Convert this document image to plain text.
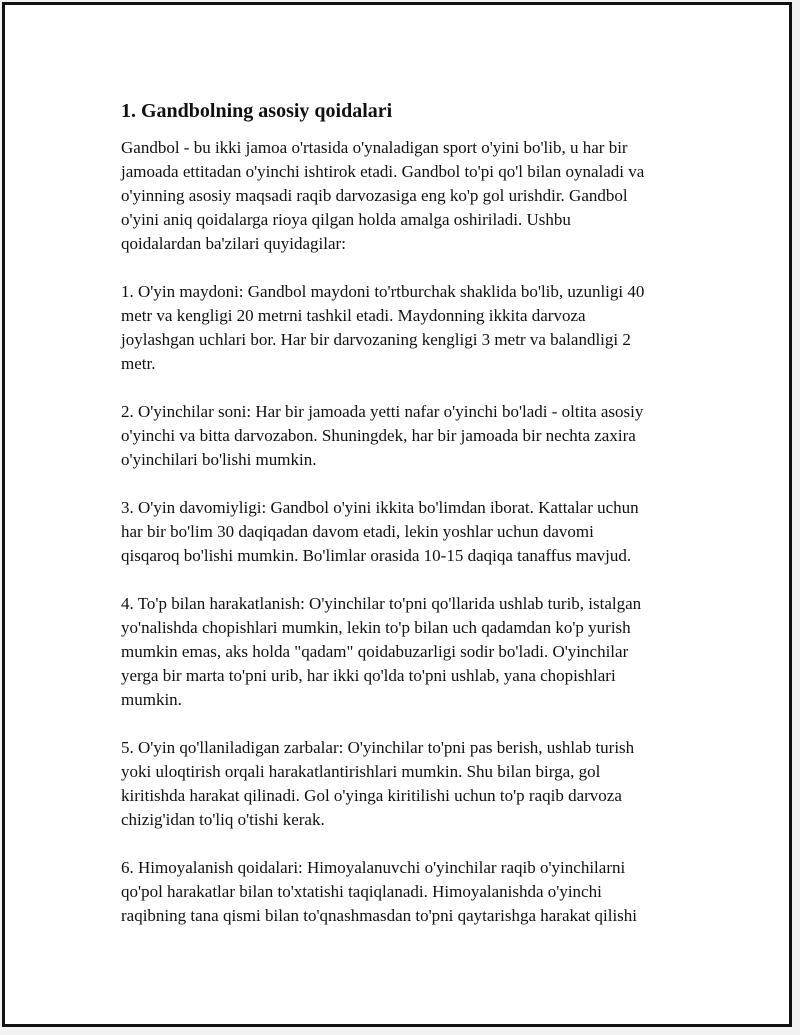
1. Gandbolning asosiy qoidalari

Gandbol - bu ikki jamoa o'rtasida o'ynaladigan sport o'yini bo'lib, u har bir
jamoada ettitadan o'yinchi ishtirok etadi. Gandbol to'pi qo'l bilan oynaladi va
o'yinning asosiy maqsadi raqib darvozasiga eng ko'p gol urishdir. Gandbol
o'yini aniq qoidalarga rioya qilgan holda amalga oshiriladi. Ushbu
qoidalardan ba'zilari quyidagilar:

1. O'yin maydoni: Gandbol maydoni to'rtburchak shaklida bo'lib, uzunligi 40
metr va kengligi 20 metrni tashkil etadi. Maydonning ikkita darvoza
joylashgan uchlari bor. Har bir darvozaning kengligi 3 metr va balandligi 2
metr.

2. O'yinchilar soni: Har bir jamoada yetti nafar o'yinchi bo'ladi - oltita asosiy
o'yinchi va bitta darvozabon. Shuningdek, har bir jamoada bir nechta zaxira
o'yinchilari bo'lishi mumkin.

3. O'yin davomiyligi: Gandbol o'yini ikkita bo'limdan iborat. Kattalar uchun
har bir bo'lim 30 daqiqadan davom etadi, lekin yoshlar uchun davomi
qisqaroq bo'lishi mumkin. Bo'limlar orasida 10-15 daqiqa tanaffus mavjud.

4. To'p bilan harakatlanish: O'yinchilar to'pni qo'llarida ushlab turib, istalgan
yo'nalishda chopishlari mumkin, lekin to'p bilan uch qadamdan ko'p yurish
mumkin emas, aks holda "qadam" qoidabuzarligi sodir bo'ladi. O'yinchilar
yerga bir marta to'pni urib, har ikki qo'lda to'pni ushlab, yana chopishlari
mumkin.

5. O'yin qo'llaniladigan zarbalar: O'yinchilar to'pni pas berish, ushlab turish
yoki uloqtirish orqali harakatlantirishlari mumkin. Shu bilan birga, gol
kiritishda harakat qilinadi. Gol o'yinga kiritilishi uchun to'p raqib darvoza
chizig'idan to'liq o'tishi kerak.

6. Himoyalanish qoidalari: Himoyalanuvchi o'yinchilar raqib o'yinchilarni
qo'pol harakatlar bilan to'xtatishi taqiqlanadi. Himoyalanishda o'yinchi
raqibning tana qismi bilan to'qnashmasdan to'pni qaytarishga harakat qilishi
